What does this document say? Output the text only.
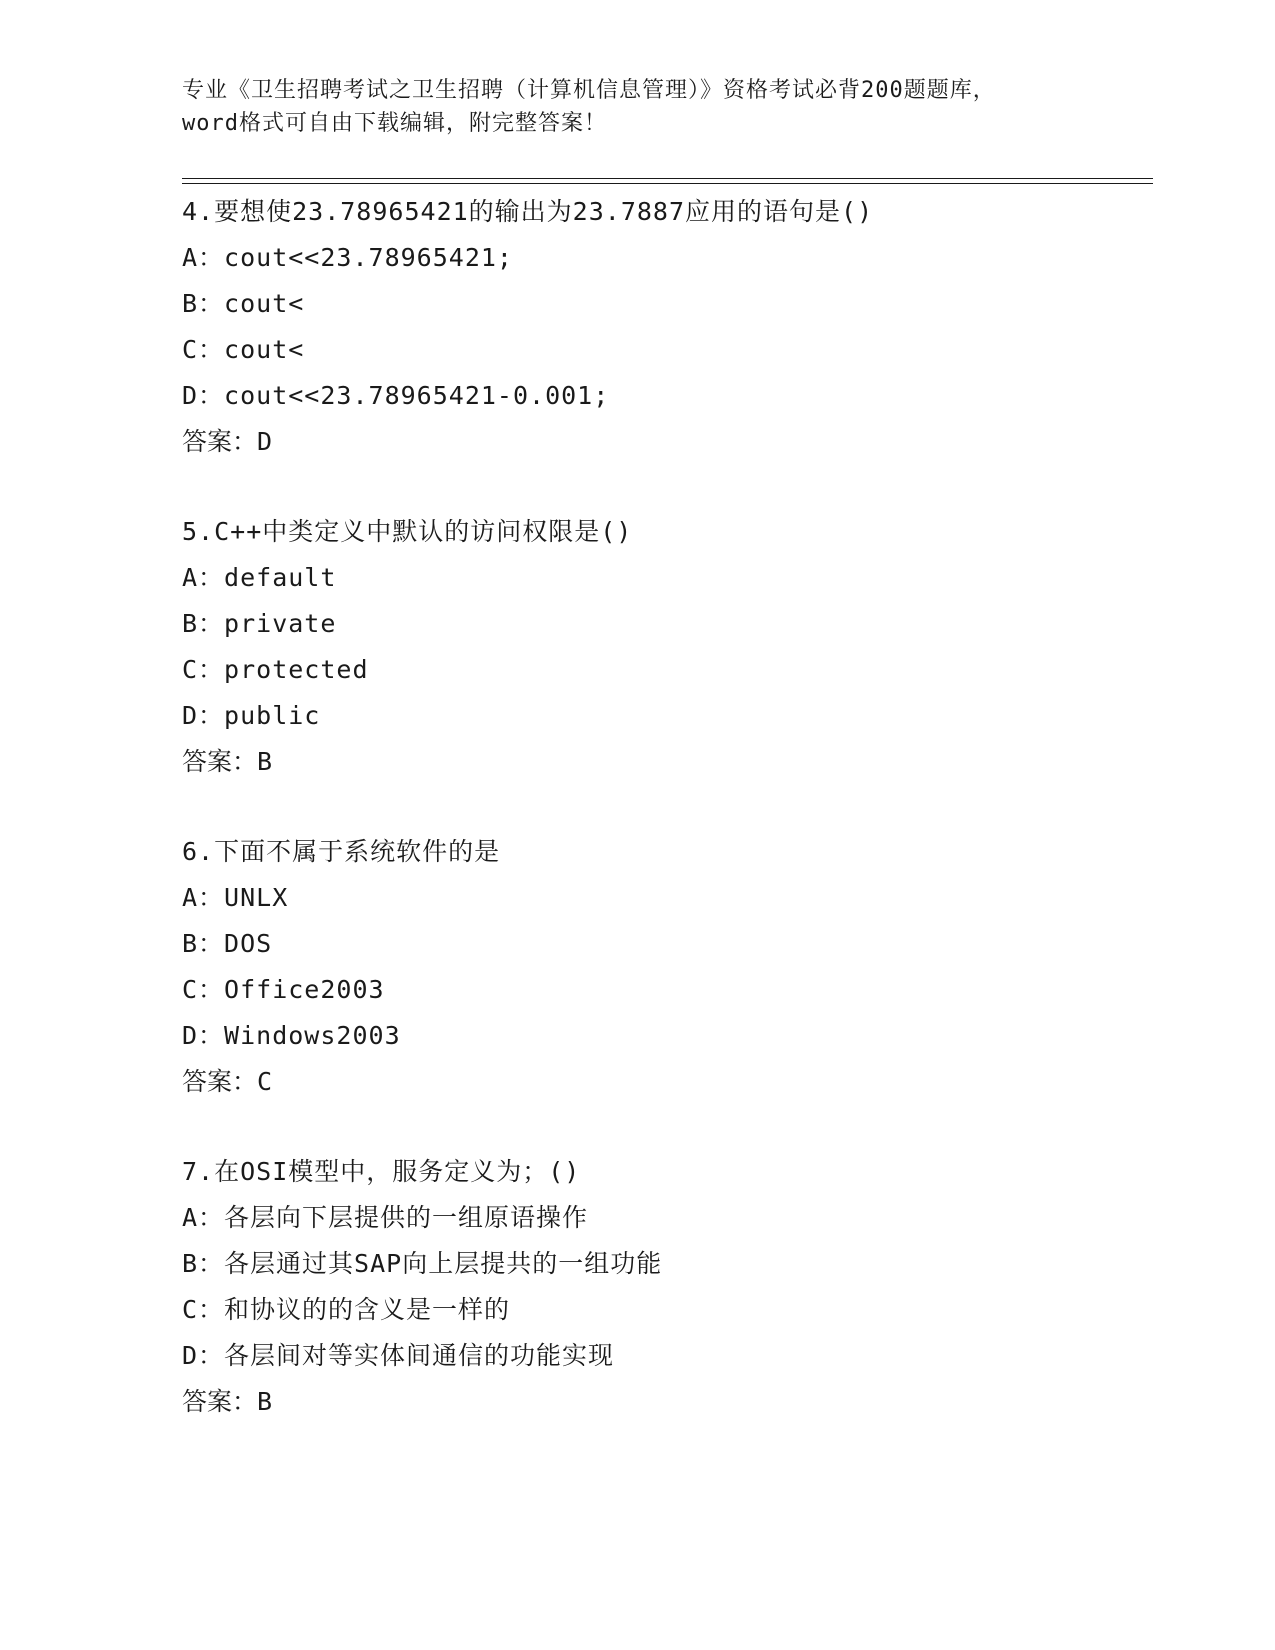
专业《卫生招聘考试之卫生招聘（计算机信息管理）》资格考试必背200题题库，
word格式可自由下载编辑，附完整答案！
4.要想使23.78965421的输出为23.7887应用的语句是()
A：cout<<23.78965421;
B：cout<
C：cout<
D：cout<<23.78965421-0.001;
答案：D
5.C++中类定义中默认的访问权限是()
A：default
B：private
C：protected
D：public
答案：B
6.下面不属于系统软件的是
A：UNLX
B：DOS
C：Office2003
D：Windows2003
答案：C
7.在OSI模型中，服务定义为；()
A：各层向下层提供的一组原语操作
B：各层通过其SAP向上层提共的一组功能
C：和协议的的含义是一样的
D：各层间对等实体间通信的功能实现
答案：B
